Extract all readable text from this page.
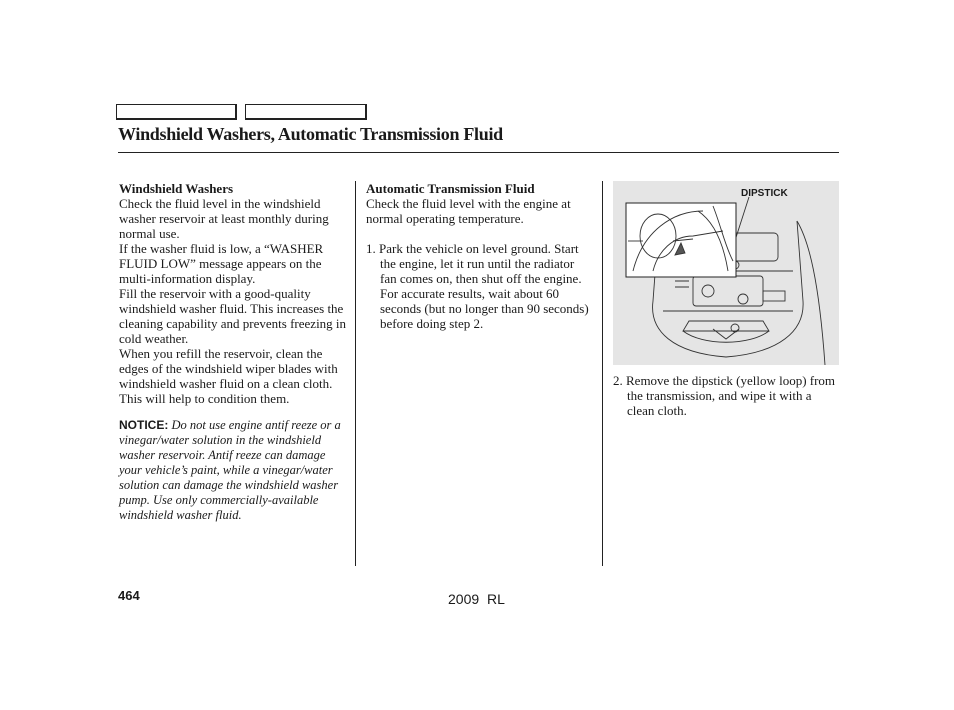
Windshield Washers, Automatic Transmission Fluid

Windshield Washers

Check the fluid level in the windshield washer reservoir at least monthly during normal use.

If the washer fluid is low, a “WASHER FLUID LOW” message appears on the multi-information display.

Fill the reservoir with a good-quality windshield washer fluid. This increases the cleaning capability and prevents freezing in cold weather.

When you refill the reservoir, clean the edges of the windshield wiper blades with windshield washer fluid on a clean cloth. This will help to condition them.

NOTICE: Do not use engine antif reeze or a vinegar/water solution in the windshield washer reservoir. Antif reeze can damage your vehicle’s paint, while a vinegar/water solution can damage the windshield washer pump. Use only commercially-available windshield washer fluid.

Automatic Transmission Fluid

Check the fluid level with the engine at normal operating temperature.

1. Park the vehicle on level ground. Start the engine, let it run until the radiator fan comes on, then shut off the engine. For accurate results, wait about 60 seconds (but no longer than 90 seconds) before doing step 2.

DIPSTICK

2. Remove the dipstick (yellow loop) from the transmission, and wipe it with a clean cloth.

464	2009 RL
